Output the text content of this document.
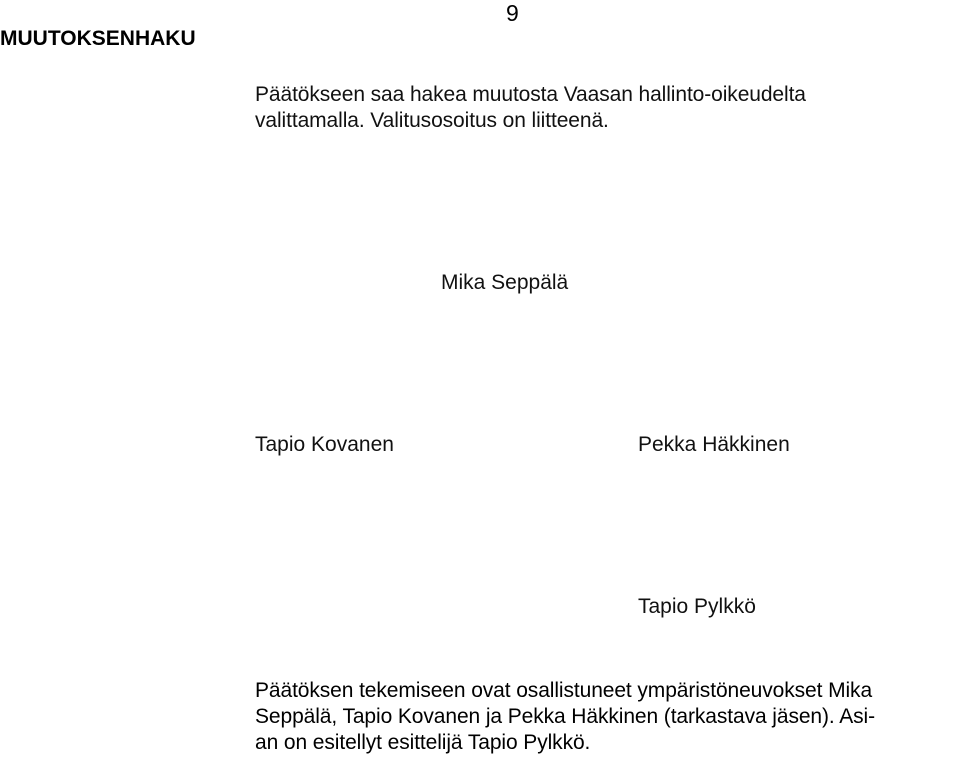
9
MUUTOKSENHAKU
Päätökseen saa hakea muutosta Vaasan hallinto-oikeudelta
valittamalla. Valitusosoitus on liitteenä.
Mika Seppälä
Tapio Kovanen	Pekka Häkkinen
Tapio Pylkkö
Päätöksen tekemiseen ovat osallistuneet ympäristöneuvokset Mika
Seppälä, Tapio Kovanen ja Pekka Häkkinen (tarkastava jäsen). Asi-
an on esitellyt esittelijä Tapio Pylkkö.
